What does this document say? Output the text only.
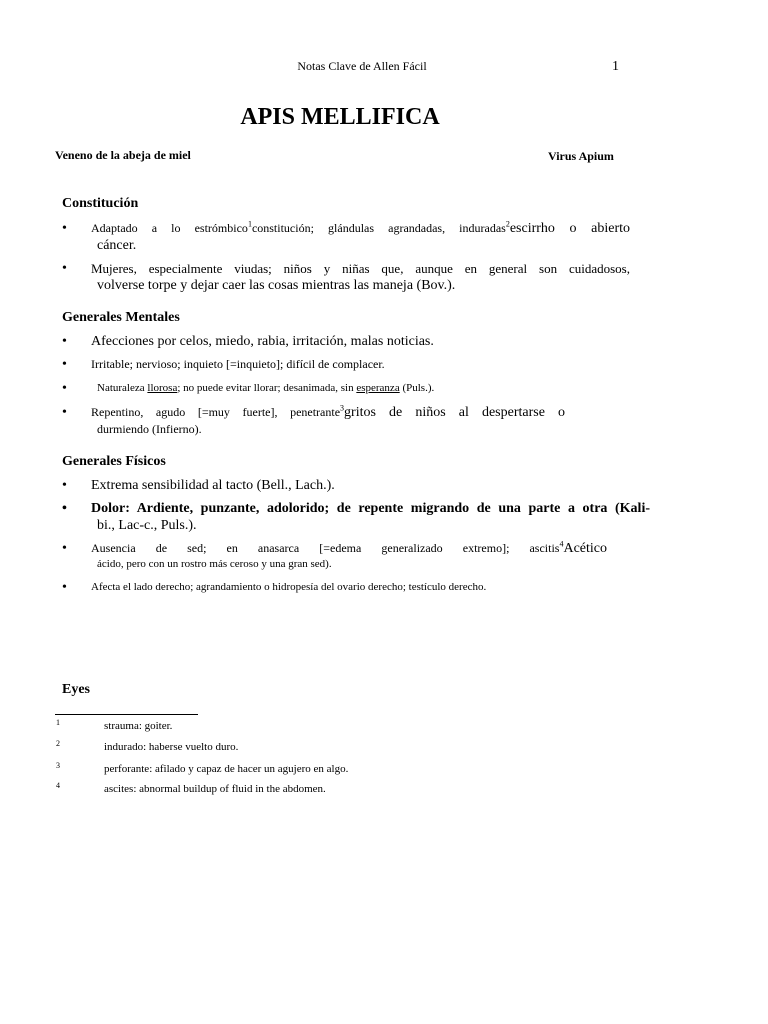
Notas Clave de Allen Fácil	1
APIS MELLIFICA
Veneno de la abeja de miel	Virus Apium
Constitución
• Adaptado a lo estrómbico$^1$constitución; glándulas agrandadas, induradas$^2$escirrho o abierto
cáncer.
• Mujeres, especialmente viudas; niños y niñas que, aunque en general son cuidadosos,
volverse torpe y dejar caer las cosas mientras las maneja (Bov.).
Generales Mentales
• Afecciones por celos, miedo, rabia, irritación, malas noticias.
• Irritable; nervioso; inquieto [=inquieto]; difícil de complacer.
•	Naturaleza llorosa; no puede evitar llorar; desanimada, sin esperanza (Puls.).
• Repentino, agudo [=muy fuerte], penetrante$^3$gritos de niños al despertarse o
durmiendo (Infierno).
Generales Físicos
• Extrema sensibilidad al tacto (Bell., Lach.).
• Dolor: Ardiente, punzante, adolorido; de repente migrando de una parte a otra (Kali-
bi., Lac-c., Puls.).
• Ausencia de sed; en anasarca [=edema generalizado extremo]; ascitis$^4$Acético
ácido, pero con un rostro más ceroso y una gran sed).
• Afecta el lado derecho; agrandamiento o hidropesía del ovario derecho; testículo derecho.
Eyes
1	strauma: goiter.
2	indurado: haberse vuelto duro.
3	perforante: afilado y capaz de hacer un agujero en algo.
4	ascites: abnormal buildup of fluid in the abdomen.
